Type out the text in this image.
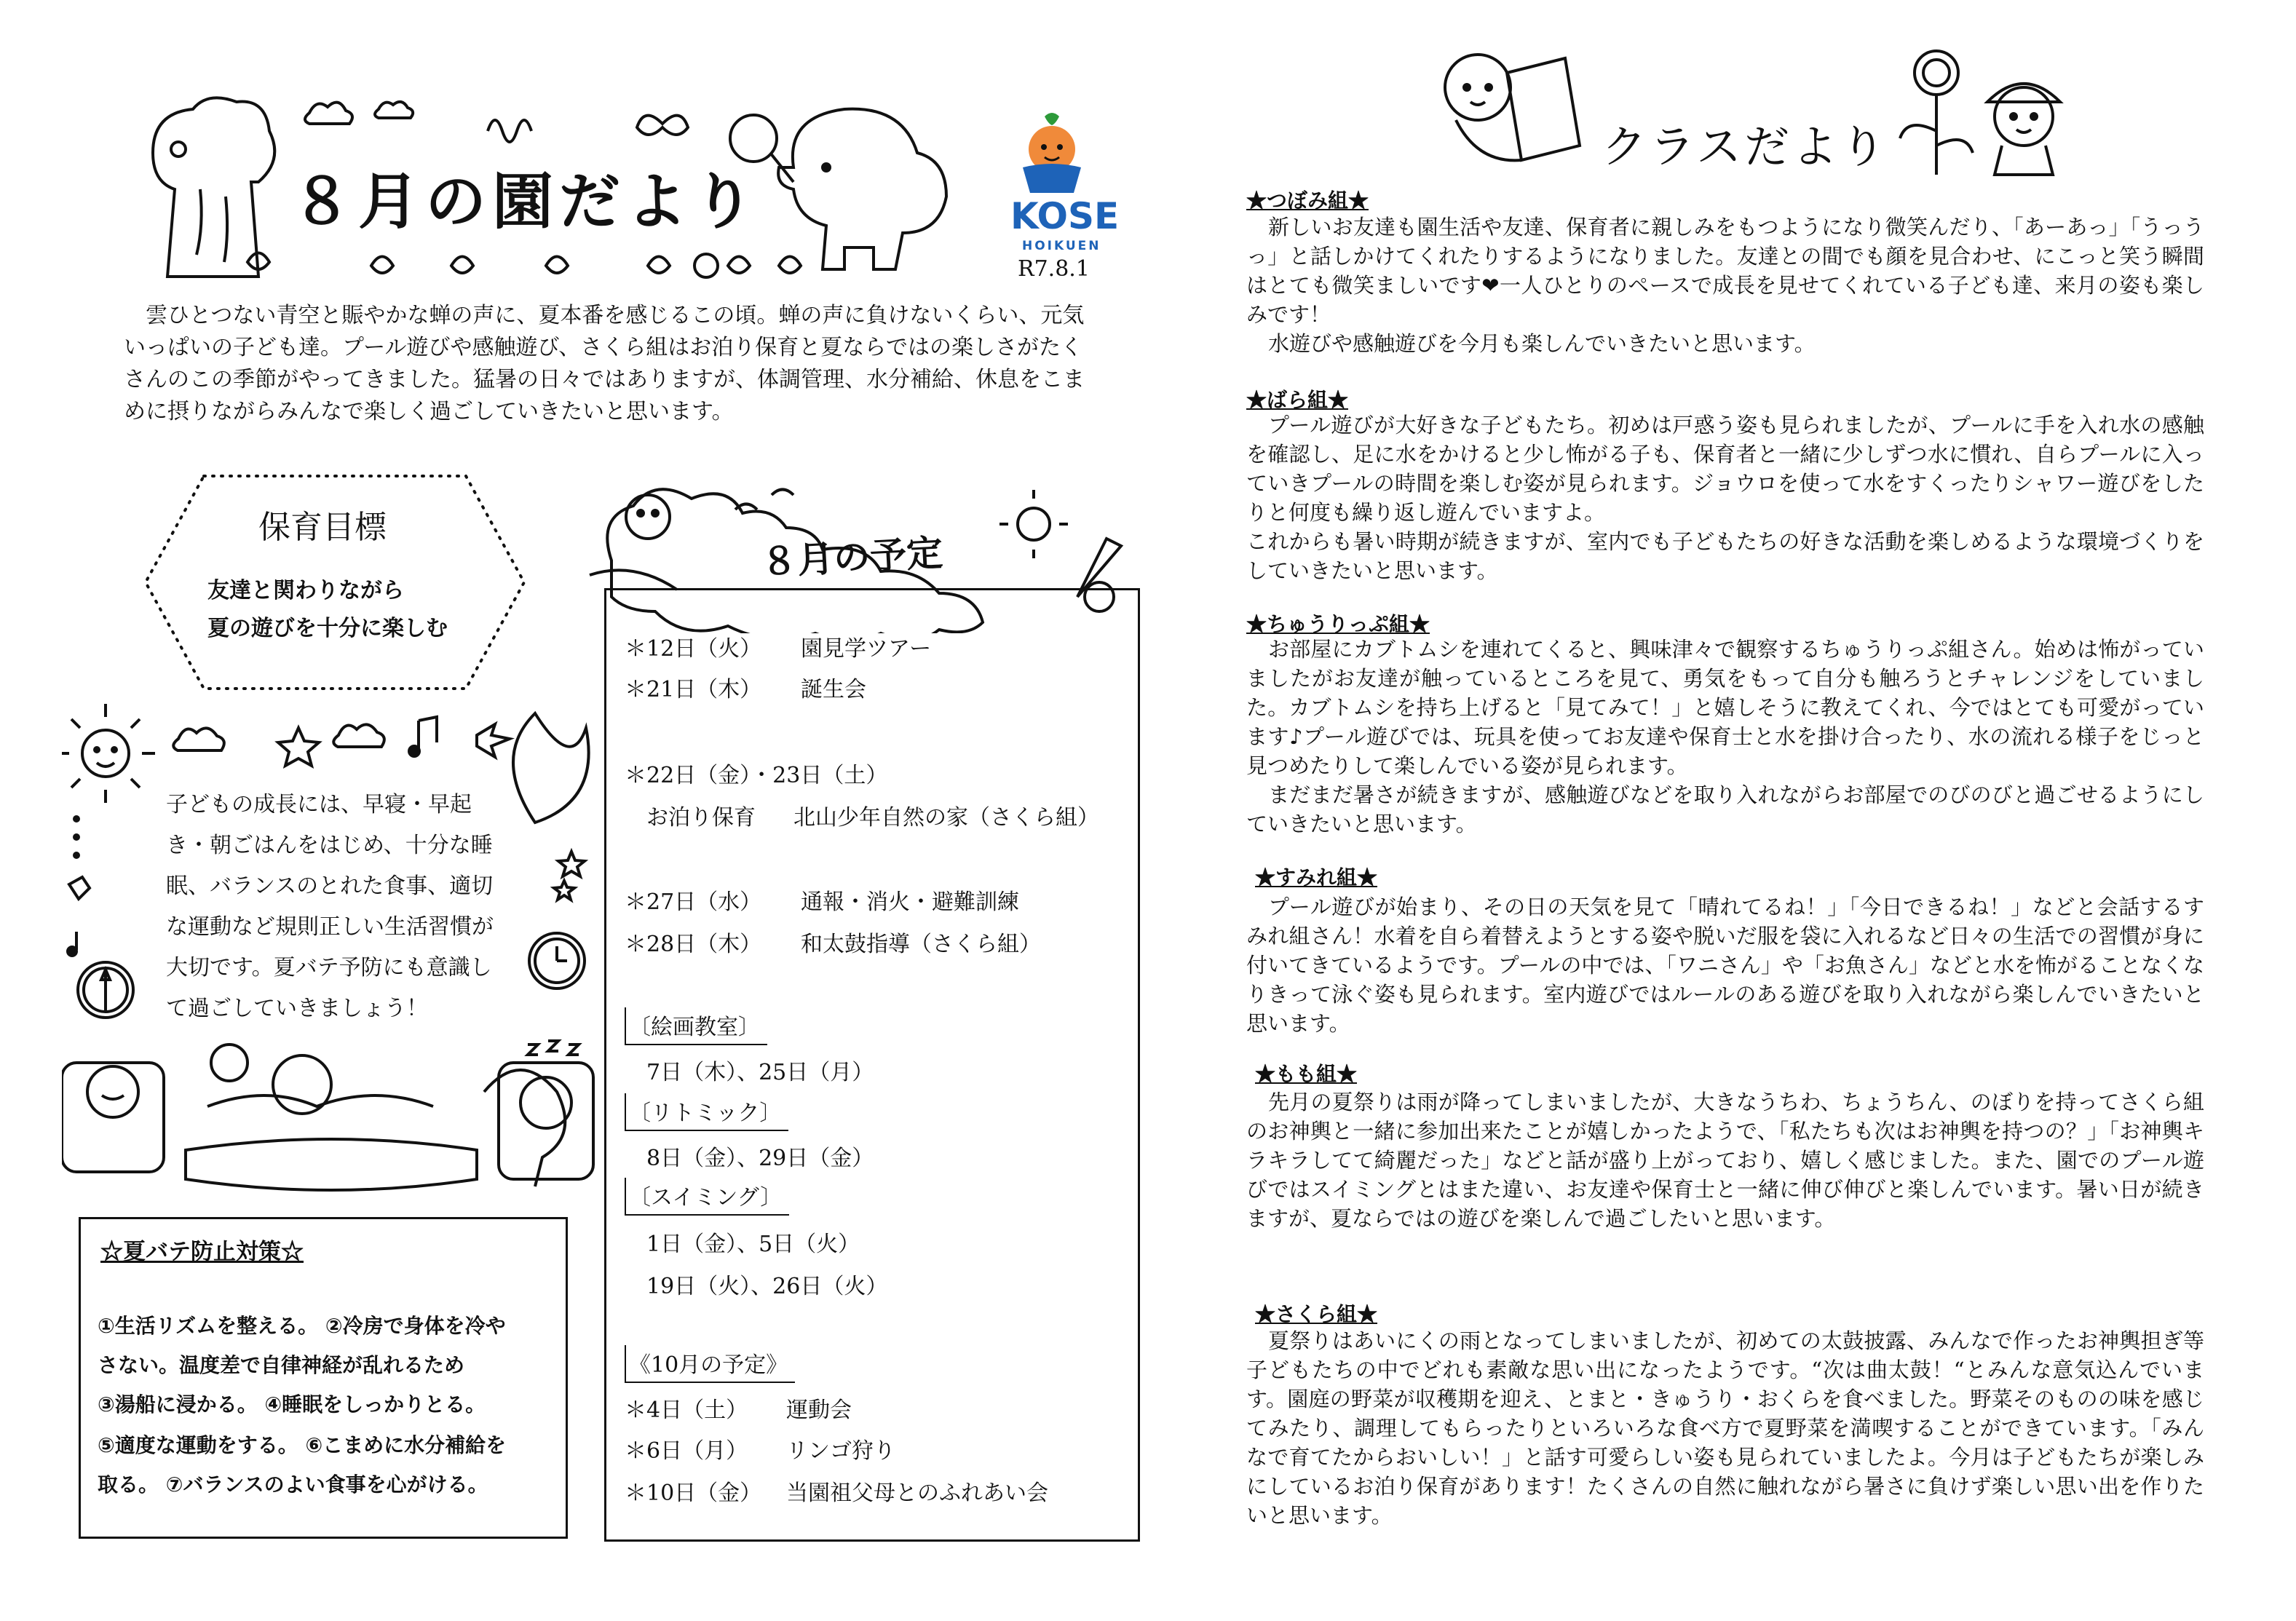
８月の園だより	KOSE
HOIKUEN
R7.8.1
雲ひとつない青空と賑やかな蝉の声に、夏本番を感じるこの頃。蝉の声に負けないくらい、元気いっぱいの子ども達。プール遊びや感触遊び、さくら組はお泊り保育と夏ならではの楽しさがたくさんのこの季節がやってきました。猛暑の日々ではありますが、体調管理、水分補給、休息をこまめに摂りながらみんなで楽しく過ごしていきたいと思います。
保育目標
友達と関わりながら
夏の遊びを十分に楽しむ
子どもの成長には、早寝・早起き・朝ごはんをはじめ、十分な睡眠、バランスのとれた食事、適切な運動など規則正しい生活習慣が大切です。夏バテ予防にも意識して過ごしていきましょう！
☆夏バテ防止対策☆
①生活リズムを整える。 ②冷房で身体を冷や
さない。温度差で自律神経が乱れるため
③湯船に浸かる。 ④睡眠をしっかりとる。
⑤適度な運動をする。 ⑥こまめに水分補給を
取る。 ⑦バランスのよい食事を心がける。
８月の予定
＊12日（火） 園見学ツアー
＊21日（木） 誕生会
＊22日（金）・23日（土）
お泊り保育 北山少年自然の家（さくら組）
＊27日（水） 通報・消火・避難訓練
＊28日（木） 和太鼓指導（さくら組）
〔絵画教室〕
7日（木）、25日（月）
〔リトミック〕
8日（金）、29日（金）
〔スイミング〕
1日（金）、5日（火）
19日（火）、26日（火）
《10月の予定》
＊4日（土） 運動会
＊6日（月） リンゴ狩り
＊10日（金） 当園祖父母とのふれあい会
クラスだより
★つぼみ組★

新しいお友達も園生活や友達、保育者に親しみをもつようになり微笑んだり、「あーあっ」「うっうっ」と話しかけてくれたりするようになりました。友達との間でも顔を見合わせ、にこっと笑う瞬間はとても微笑ましいです❤一人ひとりのペースで成長を見せてくれている子ども達、来月の姿も楽しみです！

水遊びや感触遊びを今月も楽しんでいきたいと思います。

★ばら組★

プール遊びが大好きな子どもたち。初めは戸惑う姿も見られましたが、プールに手を入れ水の感触を確認し、足に水をかけると少し怖がる子も、保育者と一緒に少しずつ水に慣れ、自らプールに入っていきプールの時間を楽しむ姿が見られます。ジョウロを使って水をすくったりシャワー遊びをしたりと何度も繰り返し遊んでいますよ。

これからも暑い時期が続きますが、室内でも子どもたちの好きな活動を楽しめるような環境づくりをしていきたいと思います。

★ちゅうりっぷ組★

お部屋にカブトムシを連れてくると、興味津々で観察するちゅうりっぷ組さん。始めは怖がっていましたがお友達が触っているところを見て、勇気をもって自分も触ろうとチャレンジをしていました。カブトムシを持ち上げると「見てみて！」と嬉しそうに教えてくれ、今ではとても可愛がっています♪プール遊びでは、玩具を使ってお友達や保育士と水を掛け合ったり、水の流れる様子をじっと見つめたりして楽しんでいる姿が見られます。

まだまだ暑さが続きますが、感触遊びなどを取り入れながらお部屋でのびのびと過ごせるようにしていきたいと思います。

★すみれ組★

プール遊びが始まり、その日の天気を見て「晴れてるね！」「今日できるね！」などと会話するすみれ組さん！水着を自ら着替えようとする姿や脱いだ服を袋に入れるなど日々の生活での習慣が身に付いてきているようです。プールの中では、「ワニさん」や「お魚さん」などと水を怖がることなくなりきって泳ぐ姿も見られます。室内遊びではルールのある遊びを取り入れながら楽しんでいきたいと思います。

★もも組★

先月の夏祭りは雨が降ってしまいましたが、大きなうちわ、ちょうちん、のぼりを持ってさくら組のお神輿と一緒に参加出来たことが嬉しかったようで、「私たちも次はお神輿を持つの？」「お神輿キラキラしてて綺麗だった」などと話が盛り上がっており、嬉しく感じました。また、園でのプール遊びではスイミングとはまた違い、お友達や保育士と一緒に伸び伸びと楽しんでいます。暑い日が続きますが、夏ならではの遊びを楽しんで過ごしたいと思います。

★さくら組★

夏祭りはあいにくの雨となってしまいましたが、初めての太鼓披露、みんなで作ったお神輿担ぎ等子どもたちの中でどれも素敵な思い出になったようです。“次は曲太鼓！“とみんな意気込んでいます。園庭の野菜が収穫期を迎え、とまと・きゅうり・おくらを食べました。野菜そのものの味を感じてみたり、調理してもらったりといろいろな食べ方で夏野菜を満喫することができています。「みんなで育てたからおいしい！」と話す可愛らしい姿も見られていましたよ。今月は子どもたちが楽しみにしているお泊り保育があります！たくさんの自然に触れながら暑さに負けず楽しい思い出を作りたいと思います。
